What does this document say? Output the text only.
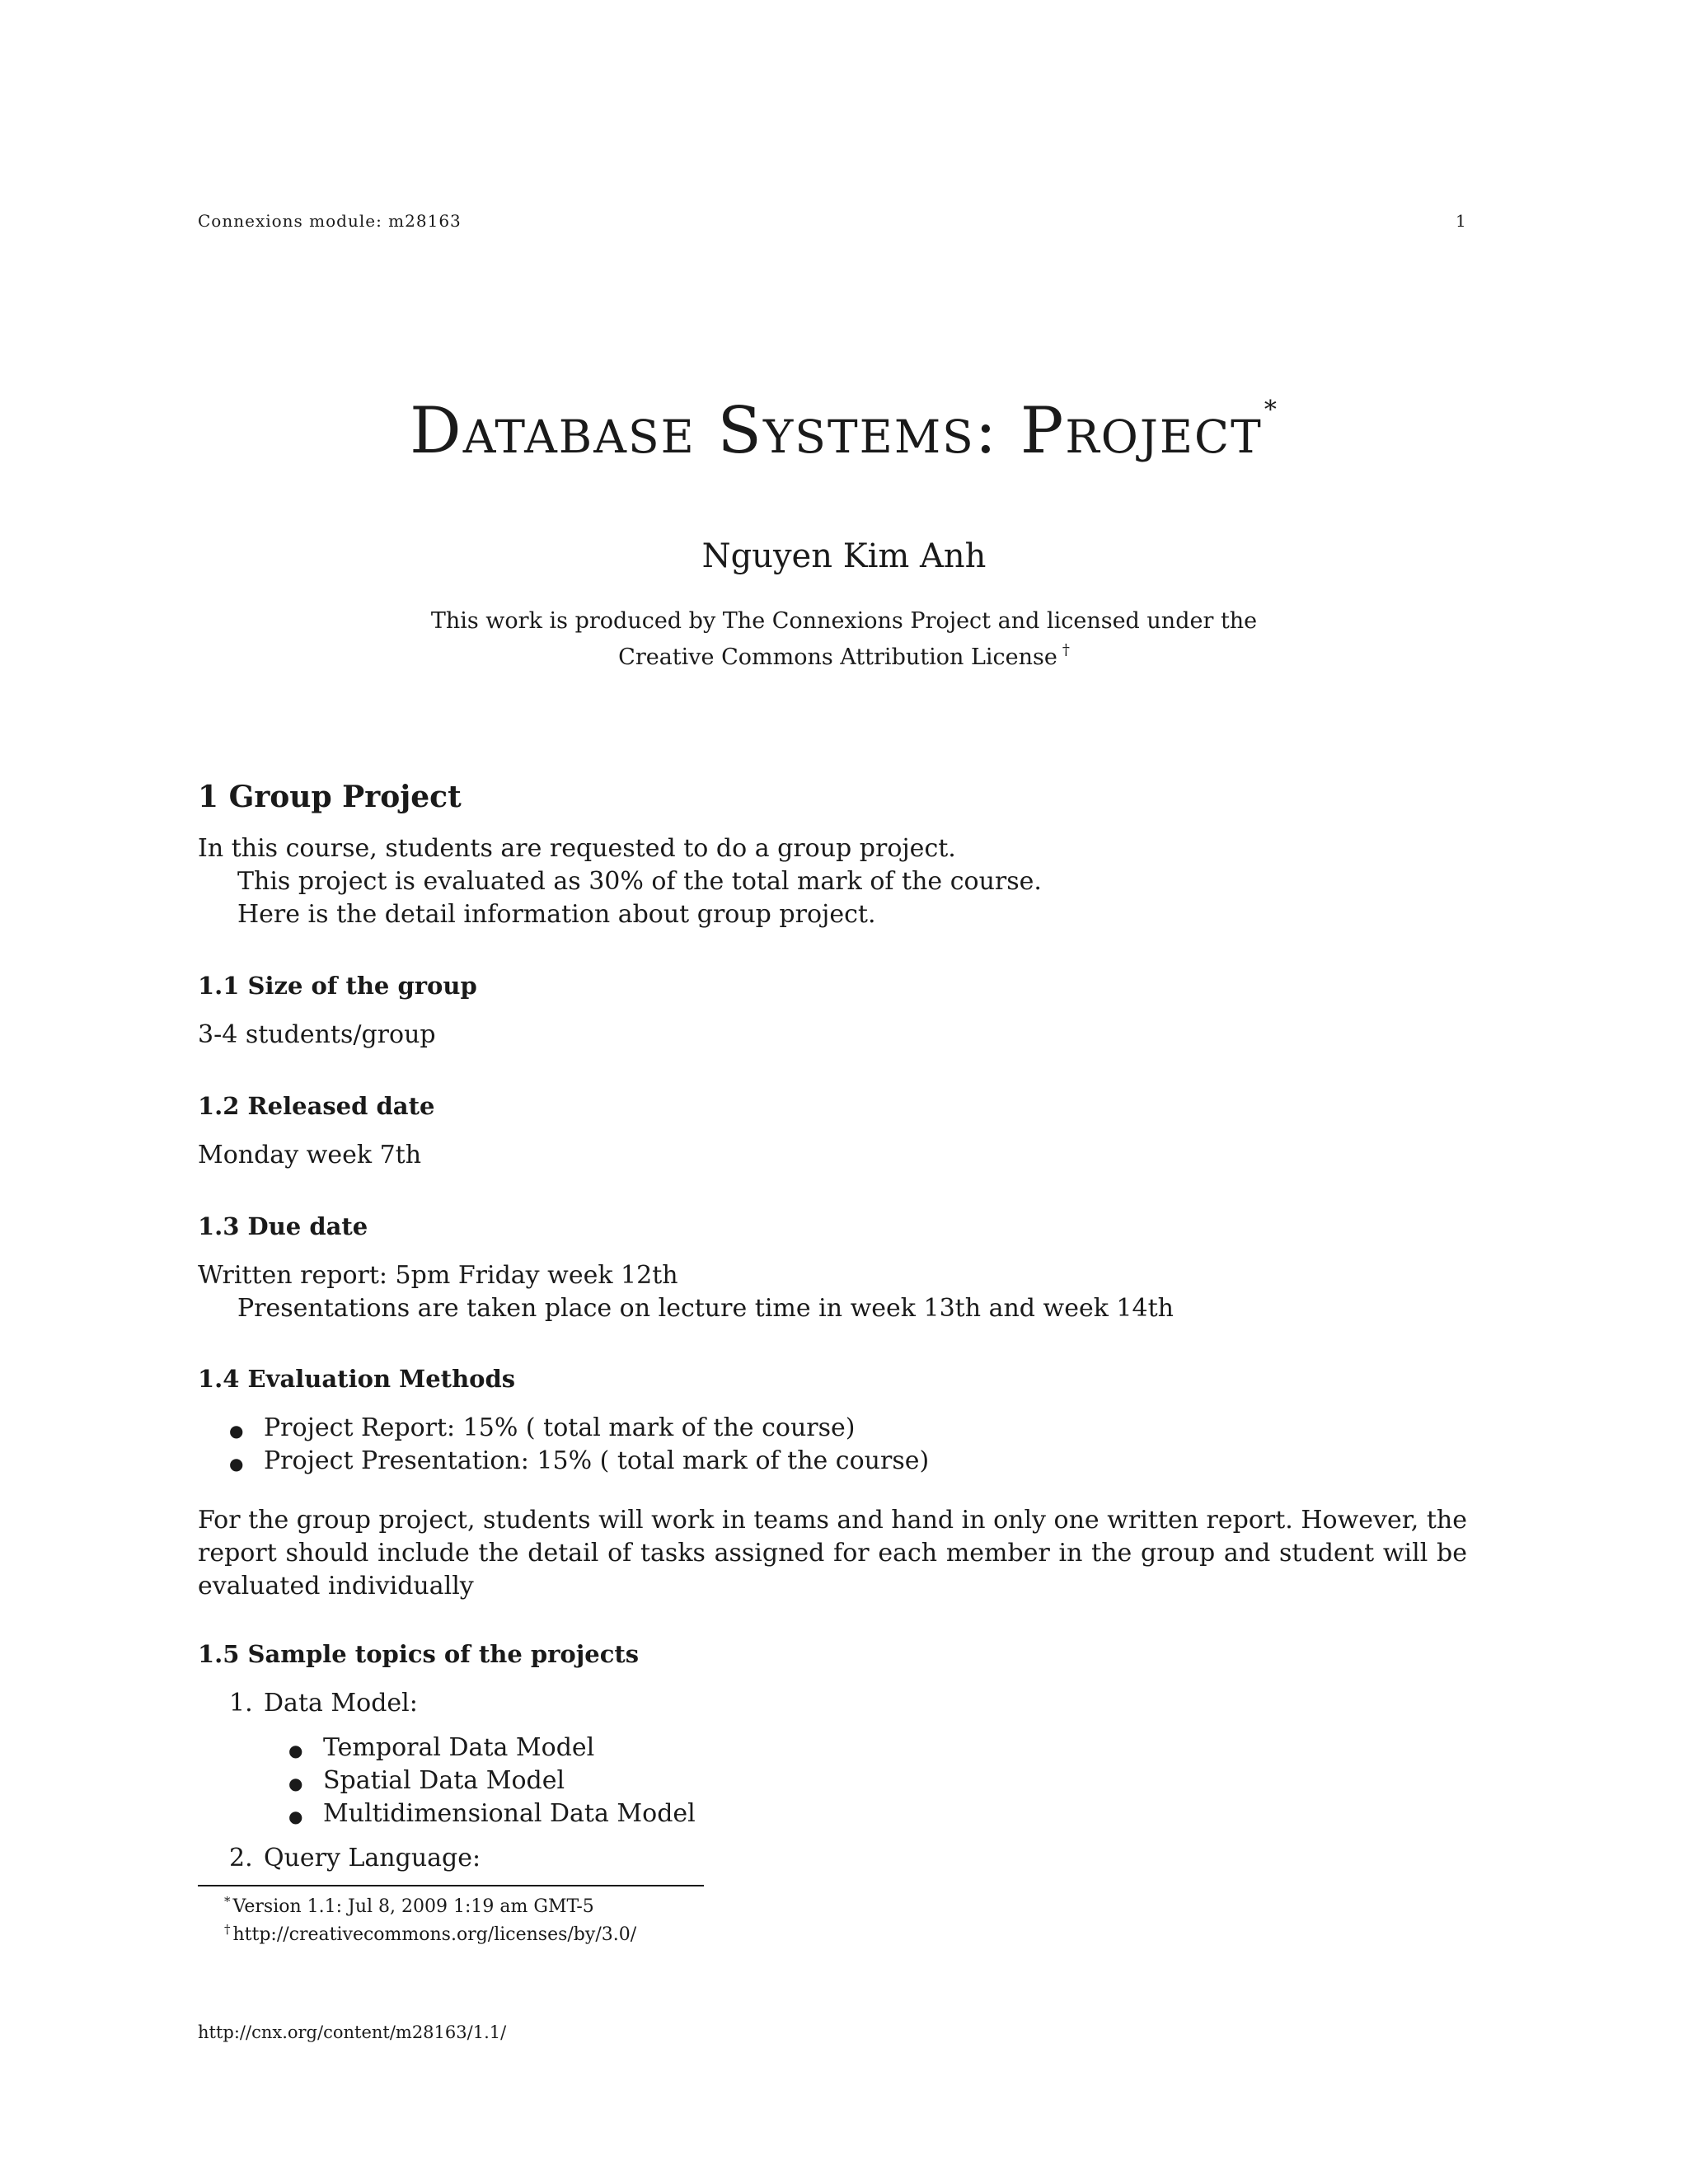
Connexions module: m28163	1
Database Systems: Project*
Nguyen Kim Anh
This work is produced by The Connexions Project and licensed under the
Creative Commons Attribution License †
1 Group Project
In this course, students are requested to do a group project.
This project is evaluated as 30% of the total mark of the course.
Here is the detail information about group project.
1.1 Size of the group
3-4 students/group
1.2 Released date
Monday week 7th
1.3 Due date
Written report: 5pm Friday week 12th
Presentations are taken place on lecture time in week 13th and week 14th
1.4 Evaluation Methods
● Project Report: 15% ( total mark of the course)
● Project Presentation: 15% ( total mark of the course)
For the group project, students will work in teams and hand in only one written report. However, the report should include the detail of tasks assigned for each member in the group and student will be evaluated individually
1.5 Sample topics of the projects
1. Data Model:
● Temporal Data Model
● Spatial Data Model
● Multidimensional Data Model
2. Query Language:
* Version 1.1: Jul 8, 2009 1:19 am GMT-5
† http://creativecommons.org/licenses/by/3.0/
http://cnx.org/content/m28163/1.1/
